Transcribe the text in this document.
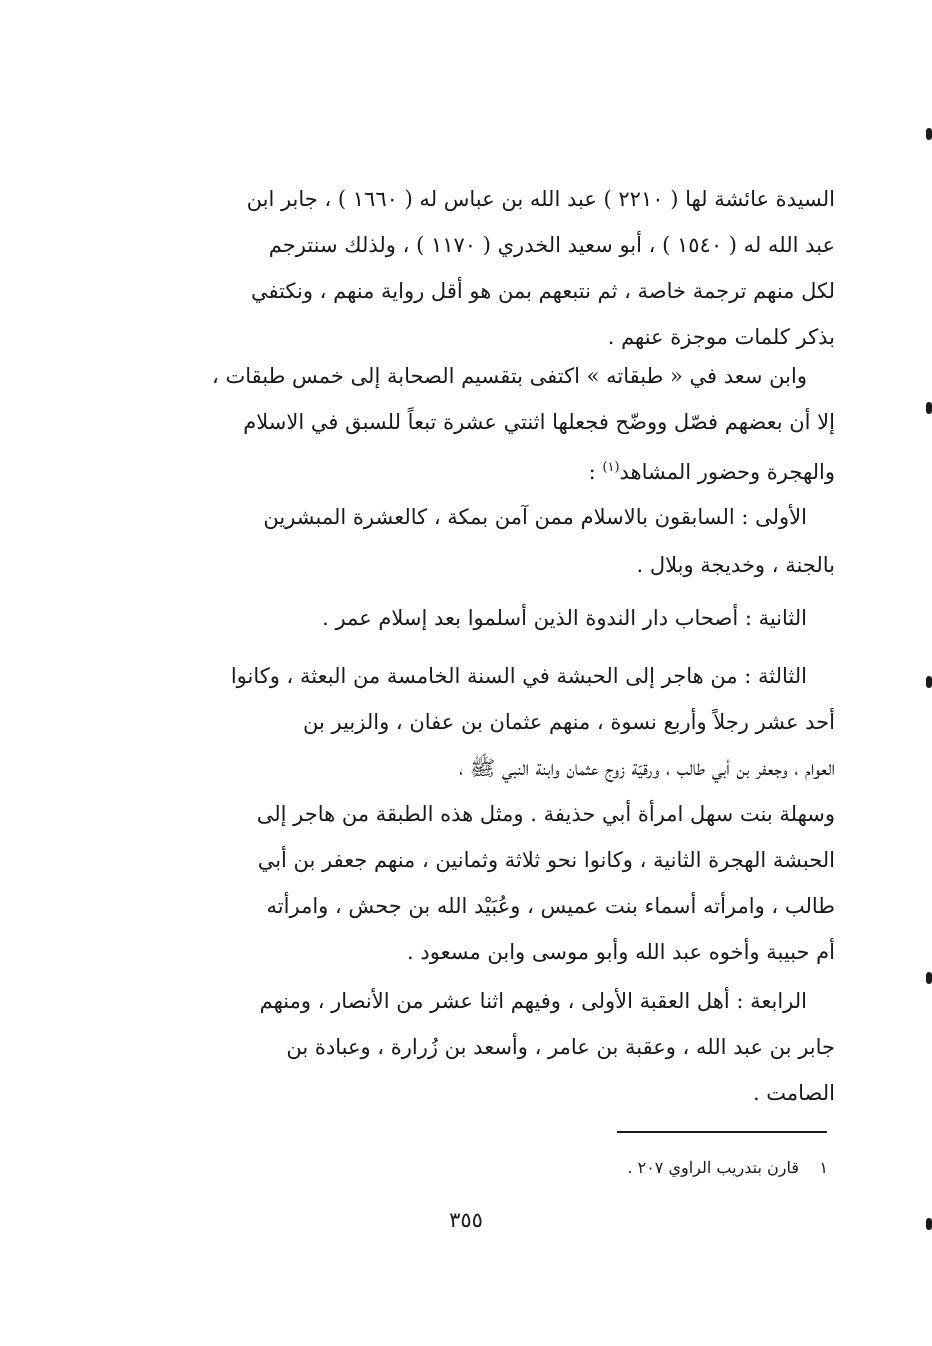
السيدة عائشة لها ( ٢٢١٠ ) عبد الله بن عباس له ( ١٦٦٠ ) ، جابر ابن
عبد الله له ( ١٥٤٠ ) ، أبو سعيد الخدري ( ١١٧٠ ) ، ولذلك سنترجم
لكل منهم ترجمة خاصة ، ثم نتبعهم بمن هو أقل رواية منهم ، ونكتفي
بذكر كلمات موجزة عنهم .
وابن سعد في « طبقاته » اكتفى بتقسيم الصحابة إلى خمس طبقات ،
إلا أن بعضهم فصّل ووضّح فجعلها اثنتي عشرة تبعاً للسبق في الاسلام
والهجرة وحضور المشاهد$^{(١)}$ :
الأولى : السابقون بالاسلام ممن آمن بمكة ، كالعشرة المبشرين
بالجنة ، وخديجة وبلال .
الثانية : أصحاب دار الندوة الذين أسلموا بعد إسلام عمر .
الثالثة : من هاجر إلى الحبشة في السنة الخامسة من البعثة ، وكانوا
أحد عشر رجلاً وأربع نسوة ، منهم عثمان بن عفان ، والزبير بن
العوام ، وجعفر بن أبي طالب ، ورقيّة زوج عثمان وابنة النبي ﷺ ،
وسهلة بنت سهل امرأة أبي حذيفة . ومثل هذه الطبقة من هاجر إلى
الحبشة الهجرة الثانية ، وكانوا نحو ثلاثة وثمانين ، منهم جعفر بن أبي
طالب ، وامرأته أسماء بنت عميس ، وعُبَيْد الله بن جحش ، وامرأته
أم حبيبة وأخوه عبد الله وأبو موسى وابن مسعود .
الرابعة : أهل العقبة الأولى ، وفيهم اثنا عشر من الأنصار ، ومنهم
جابر بن عبد الله ، وعقبة بن عامر ، وأسعد بن زُرارة ، وعبادة بن
الصامت .
١    قارن بتدريب الراوي ٢٠٧ .
٣٥٥
